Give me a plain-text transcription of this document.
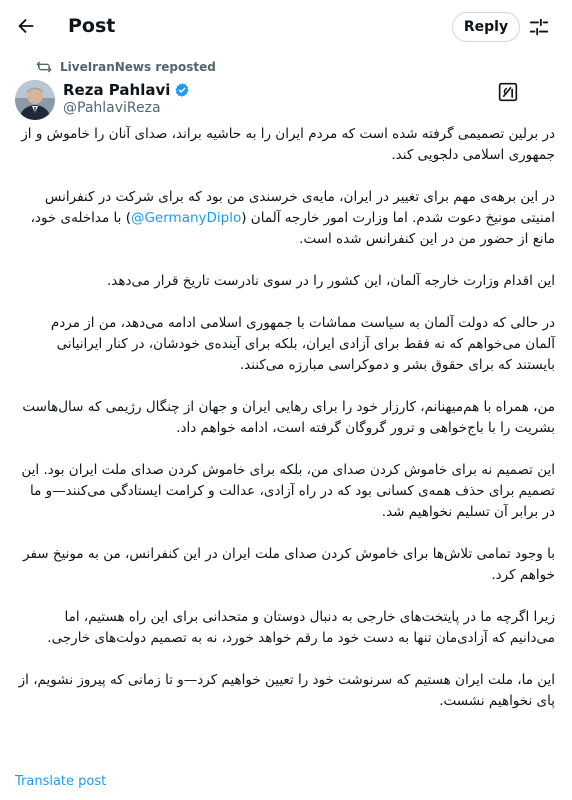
Post	Reply
LiveIranNews reposted
Reza Pahlavi
@PahlaviReza

در برلین تصمیمی گرفته شده است که مردم ایران را به حاشیه براند، صدای آنان را خاموش و از جمهوری اسلامی دلجویی کند.

در این برهه‌ی مهم برای تغییر در ایران، مایه‌ی خرسندی من بود که برای شرکت در کنفرانس امنیتی مونیخ دعوت شدم. اما وزارت امور خارجه آلمان (@GermanyDiplo) با مداخله‌ی خود، مانع از حضور من در این کنفرانس شده است.

این اقدام وزارت خارجه آلمان، این کشور را در سوی نادرست تاریخ قرار می‌دهد.

در حالی که دولت آلمان به سیاست مماشات با جمهوری اسلامی ادامه می‌دهد، من از مردم آلمان می‌خواهم که نه فقط برای آزادی ایران، بلکه برای آینده‌ی خودشان، در کنار ایرانیانی بایستند که برای حقوق بشر و دموکراسی مبارزه می‌کنند.

من، همراه با هم‌میهنانم، کارزار خود را برای رهایی ایران و جهان از چنگال رژیمی که سال‌هاست بشریت را با باج‌خواهی و ترور گروگان گرفته است، ادامه خواهم داد.

این تصمیم نه برای خاموش کردن صدای من، بلکه برای خاموش کردن صدای ملت ایران بود. این تصمیم برای حذف همه‌ی کسانی بود که در راه آزادی، عدالت و کرامت ایستادگی می‌کنند—و ما در برابر آن تسلیم نخواهیم شد.

با وجود تمامی تلاش‌ها برای خاموش کردن صدای ملت ایران در این کنفرانس، من به مونیخ سفر خواهم کرد.

زیرا اگرچه ما در پایتخت‌های خارجی به دنبال دوستان و متحدانی برای این راه هستیم، اما می‌دانیم که آزادی‌مان تنها به دست خود ما رقم خواهد خورد، نه به تصمیم دولت‌های خارجی.

این ما، ملت ایران هستیم که سرنوشت خود را تعیین خواهیم کرد—و تا زمانی که پیروز نشویم، از پای نخواهیم نشست.

Translate post
